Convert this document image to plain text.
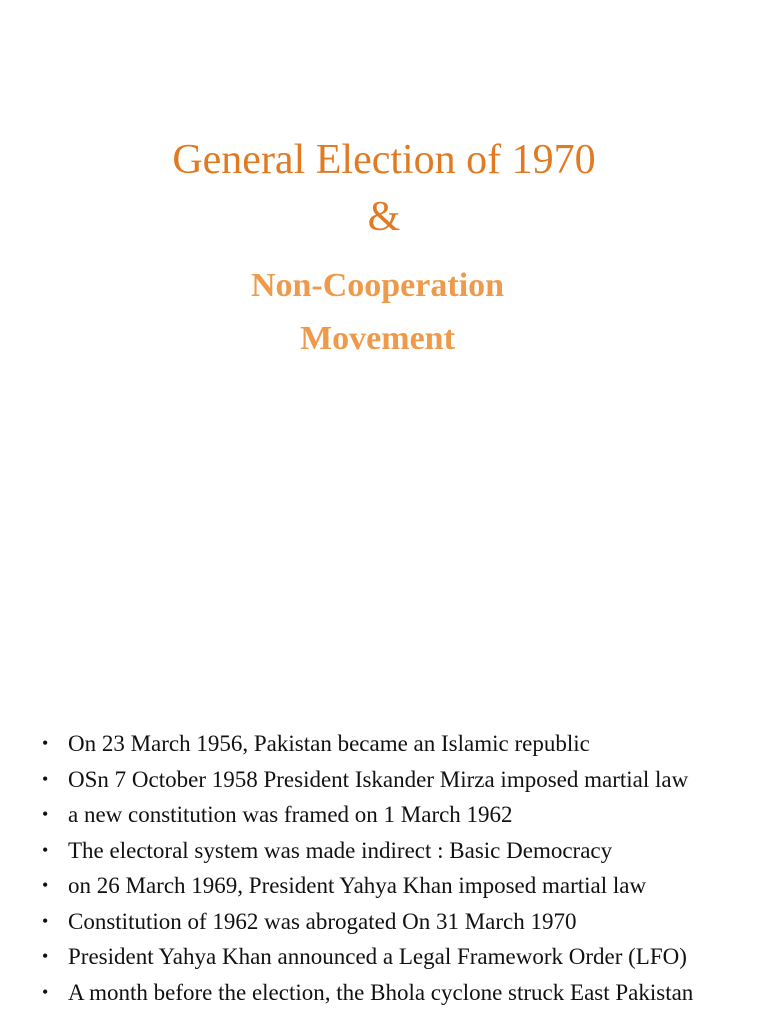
General Election of 1970
&
Non-Cooperation
Movement
• On 23 March 1956, Pakistan became an Islamic republic
• OSn 7 October 1958 President Iskander Mirza imposed martial law
• a new constitution was framed on 1 March 1962
• The electoral system was made indirect : Basic Democracy
• on 26 March 1969, President Yahya Khan imposed martial law
• Constitution of 1962 was abrogated On 31 March 1970
• President Yahya Khan announced a Legal Framework Order (LFO)
• A month before the election, the Bhola cyclone struck East Pakistan
